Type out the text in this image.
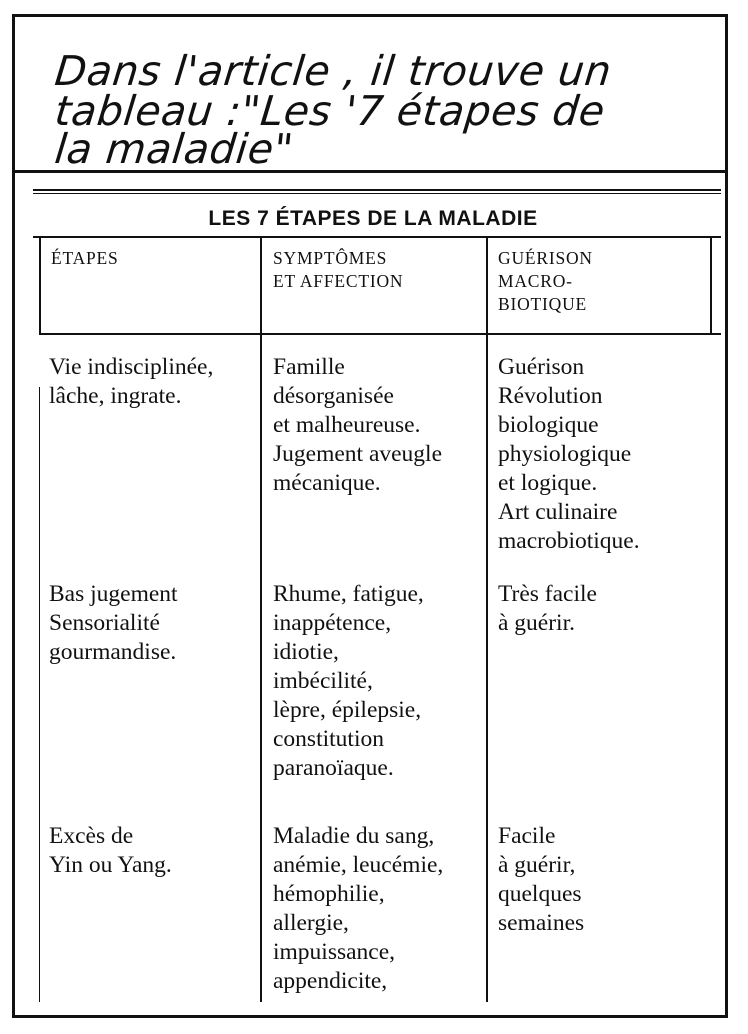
Dans l'article , il trouve un
tableau :"Les '7 étapes de
la maladie"
LES 7 ÉTAPES DE LA MALADIE
ÉTAPES	SYMPTÔMES
ET AFFECTION
GUÉRISON
MACRO-
BIOTIQUE
Vie indisciplinée,
lâche, ingrate.
Famille
désorganisée
et malheureuse.
Jugement aveugle
mécanique.
Guérison
Révolution
biologique
physiologique
et logique.
Art culinaire
macrobiotique.
Bas jugement
Sensorialité
gourmandise.
Rhume, fatigue,
inappétence,
idiotie,
imbécilité,
lèpre, épilepsie,
constitution
paranoïaque.
Très facile
à guérir.
Excès de
Yin ou Yang.
Maladie du sang,
anémie, leucémie,
hémophilie,
allergie,
impuissance,
appendicite,
Facile
à guérir,
quelques
semaines
